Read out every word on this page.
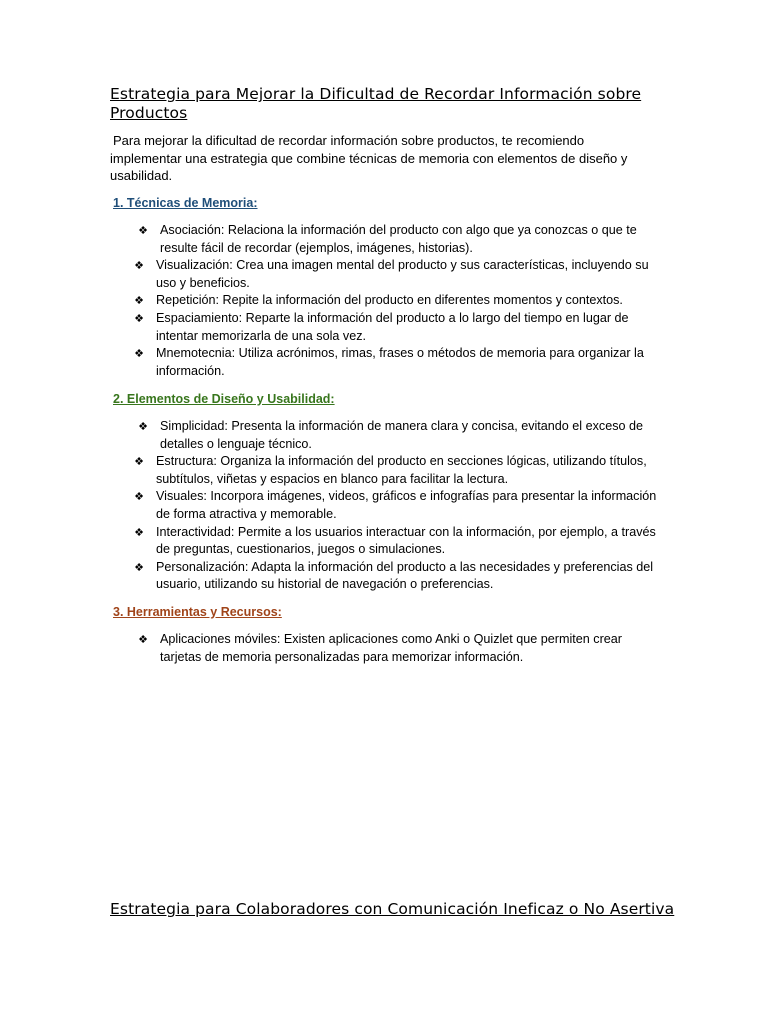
Estrategia para Mejorar la Dificultad de Recordar Información sobre Productos

Para mejorar la dificultad de recordar información sobre productos, te recomiendo implementar una estrategia que combine técnicas de memoria con elementos de diseño y usabilidad.

1. Técnicas de Memoria:
❖ Asociación: Relaciona la información del producto con algo que ya conozcas o que te resulte fácil de recordar (ejemplos, imágenes, historias).
❖ Visualización: Crea una imagen mental del producto y sus características, incluyendo su uso y beneficios.
❖ Repetición: Repite la información del producto en diferentes momentos y contextos.
❖ Espaciamiento: Reparte la información del producto a lo largo del tiempo en lugar de intentar memorizarla de una sola vez.
❖ Mnemotecnia: Utiliza acrónimos, rimas, frases o métodos de memoria para organizar la información.
2. Elementos de Diseño y Usabilidad:
❖ Simplicidad: Presenta la información de manera clara y concisa, evitando el exceso de detalles o lenguaje técnico.
❖ Estructura: Organiza la información del producto en secciones lógicas, utilizando títulos, subtítulos, viñetas y espacios en blanco para facilitar la lectura.
❖ Visuales: Incorpora imágenes, videos, gráficos e infografías para presentar la información de forma atractiva y memorable.
❖ Interactividad: Permite a los usuarios interactuar con la información, por ejemplo, a través de preguntas, cuestionarios, juegos o simulaciones.
❖ Personalización: Adapta la información del producto a las necesidades y preferencias del usuario, utilizando su historial de navegación o preferencias.
3. Herramientas y Recursos:
❖ Aplicaciones móviles: Existen aplicaciones como Anki o Quizlet que permiten crear tarjetas de memoria personalizadas para memorizar información.
Estrategia para Colaboradores con Comunicación Ineficaz o No Asertiva
